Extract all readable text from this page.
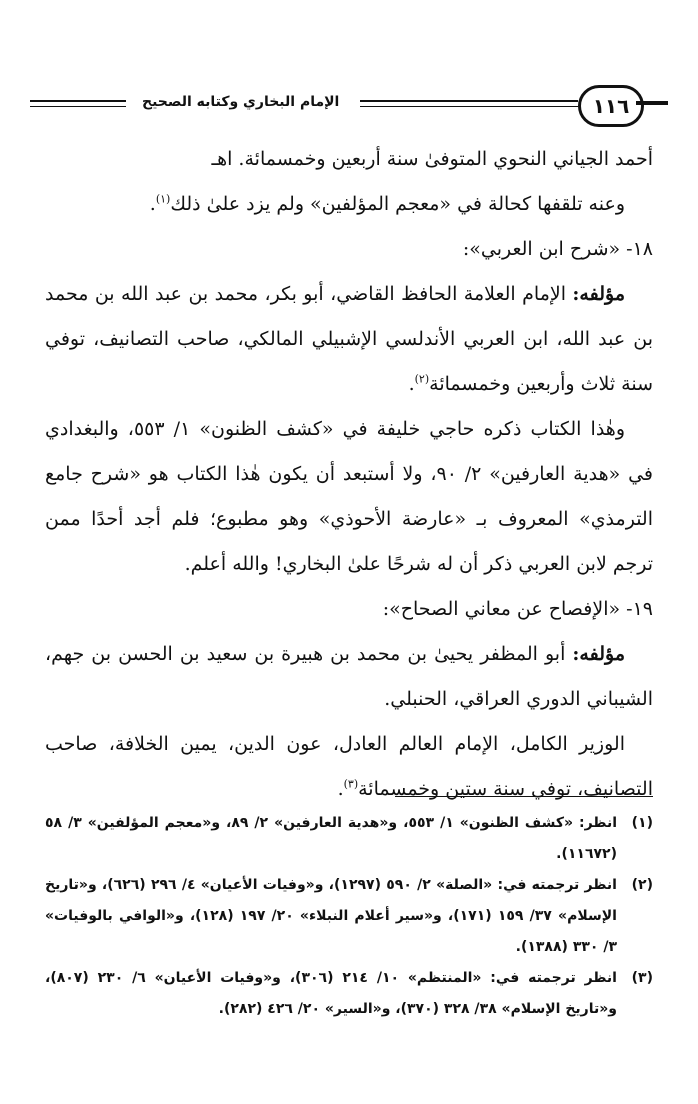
الإمام البخاري وكتابه الصحيح	١١٦

أحمد الجياني النحوي المتوفىٰ سنة أربعين وخمسمائة. اهـ

وعنه تلقفها كحالة في «معجم المؤلفين» ولم يزد علىٰ ذلك$^{(١)}$.

١٨- «شرح ابن العربي»:

مؤلفه: الإمام العلامة الحافظ القاضي، أبو بكر، محمد بن عبد الله بن محمد بن عبد الله، ابن العربي الأندلسي الإشبيلي المالكي، صاحب التصانيف، توفي سنة ثلاث وأربعين وخمسمائة$^{(٢)}$.

وهٰذا الكتاب ذكره حاجي خليفة في «كشف الظنون» ١/ ٥٥٣، والبغدادي في «هدية العارفين» ٢/ ٩٠، ولا أستبعد أن يكون هٰذا الكتاب هو «شرح جامع الترمذي» المعروف بـ «عارضة الأحوذي» وهو مطبوع؛ فلم أجد أحدًا ممن ترجم لابن العربي ذكر أن له شرحًا علىٰ البخاري! والله أعلم.

١٩- «الإفصاح عن معاني الصحاح»:

مؤلفه: أبو المظفر يحيىٰ بن محمد بن هبيرة بن سعيد بن الحسن بن جهم، الشيباني الدوري العراقي، الحنبلي.

الوزير الكامل، الإمام العالم العادل، عون الدين، يمين الخلافة، صاحب التصانيف، توفي سنة ستين وخمسمائة$^{(٣)}$.

(١)
انظر: «كشف الظنون» ١/ ٥٥٣، و«هدية العارفين» ٢/ ٨٩، و«معجم المؤلفين» ٣/ ٥٨ (١١٦٧٢).
(٢)
انظر ترجمته في: «الصلة» ٢/ ٥٩٠ (١٢٩٧)، و«وفيات الأعيان» ٤/ ٢٩٦ (٦٢٦)، و«تاريخ الإسلام» ٣٧/ ١٥٩ (١٧١)، و«سير أعلام النبلاء» ٢٠/ ١٩٧ (١٢٨)، و«الوافي بالوفيات» ٣/ ٣٣٠ (١٣٨٨).
(٣)
انظر ترجمته في: «المنتظم» ١٠/ ٢١٤ (٣٠٦)، و«وفيات الأعيان» ٦/ ٢٣٠ (٨٠٧)، و«تاريخ الإسلام» ٣٨/ ٣٢٨ (٣٧٠)، و«السير» ٢٠/ ٤٢٦ (٢٨٢).
